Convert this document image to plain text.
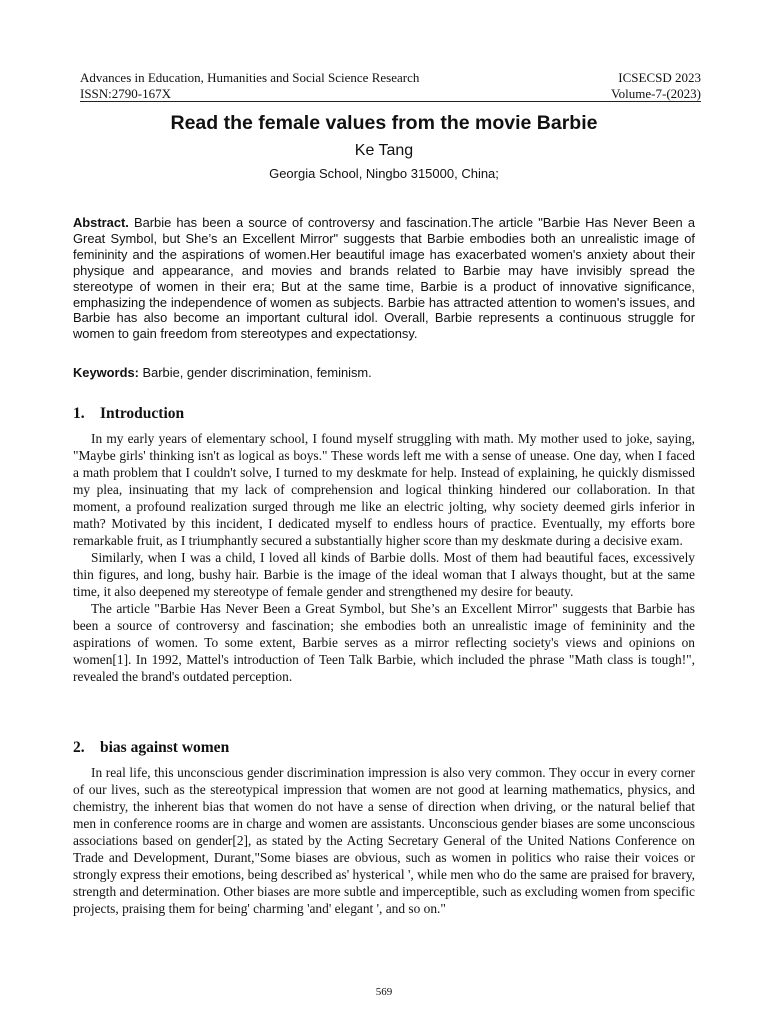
Advances in Education, Humanities and Social Science Research	ICSECSD 2023
ISSN:2790-167X	Volume-7-(2023)
Read the female values from the movie Barbie
Ke Tang
Georgia School, Ningbo 315000, China;

Abstract. Barbie has been a source of controversy and fascination.The article "Barbie Has Never Been a Great Symbol, but She’s an Excellent Mirror" suggests that Barbie embodies both an unrealistic image of femininity and the aspirations of women.Her beautiful image has exacerbated women's anxiety about their physique and appearance, and movies and brands related to Barbie may have invisibly spread the stereotype of women in their era; But at the same time, Barbie is a product of innovative significance, emphasizing the independence of women as subjects. Barbie has attracted attention to women's issues, and Barbie has also become an important cultural idol. Overall, Barbie represents a continuous struggle for women to gain freedom from stereotypes and expectationsy.

Keywords: Barbie, gender discrimination, feminism.

1. Introduction

In my early years of elementary school, I found myself struggling with math. My mother used to joke, saying, "Maybe girls' thinking isn't as logical as boys." These words left me with a sense of unease. One day, when I faced a math problem that I couldn't solve, I turned to my deskmate for help. Instead of explaining, he quickly dismissed my plea, insinuating that my lack of comprehension and logical thinking hindered our collaboration. In that moment, a profound realization surged through me like an electric jolting, why society deemed girls inferior in math? Motivated by this incident, I dedicated myself to endless hours of practice. Eventually, my efforts bore remarkable fruit, as I triumphantly secured a substantially higher score than my deskmate during a decisive exam.

Similarly, when I was a child, I loved all kinds of Barbie dolls. Most of them had beautiful faces, excessively thin figures, and long, bushy hair. Barbie is the image of the ideal woman that I always thought, but at the same time, it also deepened my stereotype of female gender and strengthened my desire for beauty.

The article "Barbie Has Never Been a Great Symbol, but She’s an Excellent Mirror" suggests that Barbie has been a source of controversy and fascination; she embodies both an unrealistic image of femininity and the aspirations of women. To some extent, Barbie serves as a mirror reflecting society's views and opinions on women[1]. In 1992, Mattel's introduction of Teen Talk Barbie, which included the phrase "Math class is tough!", revealed the brand's outdated perception.

2. bias against women

In real life, this unconscious gender discrimination impression is also very common. They occur in every corner of our lives, such as the stereotypical impression that women are not good at learning mathematics, physics, and chemistry, the inherent bias that women do not have a sense of direction when driving, or the natural belief that men in conference rooms are in charge and women are assistants. Unconscious gender biases are some unconscious associations based on gender[2], as stated by the Acting Secretary General of the United Nations Conference on Trade and Development, Durant,"Some biases are obvious, such as women in politics who raise their voices or strongly express their emotions, being described as' hysterical ', while men who do the same are praised for bravery, strength and determination. Other biases are more subtle and imperceptible, such as excluding women from specific projects, praising them for being' charming 'and' elegant ', and so on."

569
